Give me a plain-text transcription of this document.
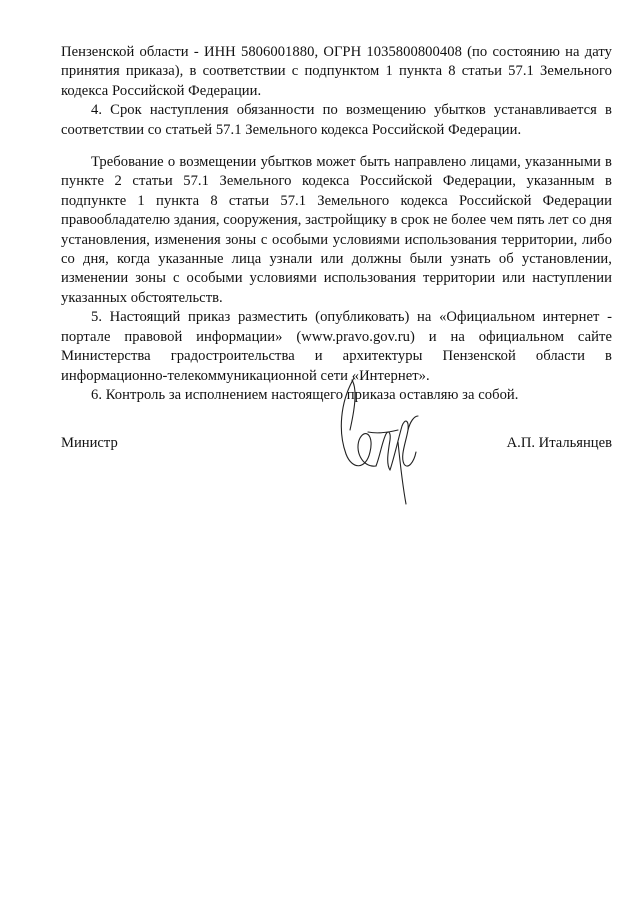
Пензенской области - ИНН 5806001880, ОГРН 1035800800408 (по состоянию на дату принятия приказа), в соответствии с подпунктом 1 пункта 8 статьи 57.1 Земельного кодекса Российской Федерации.

4. Срок наступления обязанности по возмещению убытков устанавливается в соответствии со статьей 57.1 Земельного кодекса Российской Федерации.

Требование о возмещении убытков может быть направлено лицами, указанными в пункте 2 статьи 57.1 Земельного кодекса Российской Федерации, указанным в подпункте 1 пункта 8 статьи 57.1 Земельного кодекса Российской Федерации правообладателю здания, сооружения, застройщику в срок не более чем пять лет со дня установления, изменения зоны с особыми условиями использования территории, либо со дня, когда указанные лица узнали или должны были узнать об установлении, изменении зоны с особыми условиями использования территории или наступлении указанных обстоятельств.

5. Настоящий приказ разместить (опубликовать) на «Официальном интернет - портале правовой информации» (www.pravo.gov.ru) и на официальном сайте Министерства градостроительства и архитектуры Пензенской области в информационно-телекоммуникационной сети «Интернет».

6. Контроль за исполнением настоящего приказа оставляю за собой.

Министр	А.П. Итальянцев
